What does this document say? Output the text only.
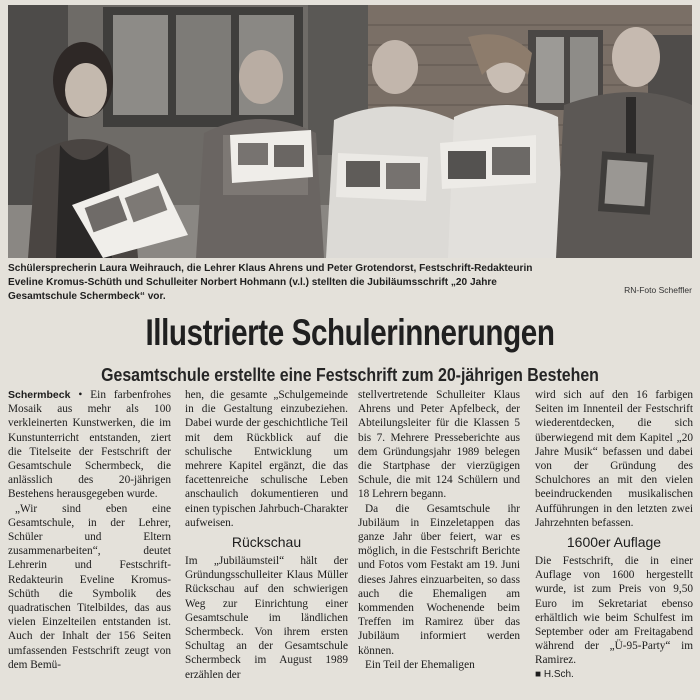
Schülersprecherin Laura Weihrauch, die Lehrer Klaus Ahrens und Peter Grotendorst, Festschrift-Redakteurin Eveline Kromus-Schüth und Schulleiter Norbert Hohmann (v.l.) stellten die Jubiläumsschrift „20 Jahre Gesamtschule Schermbeck“ vor.
RN-Foto Scheffler
Illustrierte Schulerinnerungen
Gesamtschule erstellte eine Festschrift zum 20-jährigen Bestehen

Schermbeck • Ein farbenfrohes Mosaik aus mehr als 100 verkleinerten Kunstwerken, die im Kunstunterricht entstanden, ziert die Titelseite der Festschrift der Gesamtschule Schermbeck, die anlässlich des 20-jährigen Bestehens herausgegeben wurde.

„Wir sind eben eine Gesamtschule, in der Lehrer, Schüler und Eltern zusammenarbeiten“, deutet Lehrerin und Festschrift-Redakteurin Eveline Kromus-Schüth die Symbolik des quadratischen Titelbildes, das aus vielen Einzelteilen entstanden ist. Auch der Inhalt der 156 Seiten umfassenden Festschrift zeugt von dem Bemü-

hen, die gesamte „Schulgemeinde in die Gestaltung einzubeziehen. Dabei wurde der geschichtliche Teil mit dem Rückblick auf die schulische Entwicklung um mehrere Kapitel ergänzt, die das facettenreiche schulische Leben anschaulich dokumentieren und einen typischen Jahrbuch-Charakter aufweisen.

Rückschau

Im „Jubiläumsteil“ hält der Gründungsschulleiter Klaus Müller Rückschau auf den schwierigen Weg zur Einrichtung einer Gesamtschule im ländlichen Schermbeck. Von ihrem ersten Schultag an der Gesamtschule Schermbeck im August 1989 erzählen der

stellvertretende Schulleiter Klaus Ahrens und Peter Apfelbeck, der Abteilungsleiter für die Klassen 5 bis 7. Mehrere Presseberichte aus dem Gründungsjahr 1989 belegen die Startphase der vierzügigen Schule, die mit 124 Schülern und 18 Lehrern begann.

Da die Gesamtschule ihr Jubiläum in Einzeletappen das ganze Jahr über feiert, war es möglich, in die Festschrift Berichte und Fotos vom Festakt am 19. Juni dieses Jahres einzuarbeiten, so dass auch die Ehemaligen am kommenden Wochenende beim Treffen im Ramirez über das Jubiläum informiert werden können.

Ein Teil der Ehemaligen

wird sich auf den 16 farbigen Seiten im Innenteil der Festschrift wiederentdecken, die sich überwiegend mit dem Kapitel „20 Jahre Musik“ befassen und dabei von der Gründung des Schulchores an mit den vielen beeindruckenden musikalischen Aufführungen in den letzten zwei Jahrzehnten befassen.

1600er Auflage

Die Festschrift, die in einer Auflage von 1600 hergestellt wurde, ist zum Preis von 9,50 Euro im Sekretariat ebenso erhältlich wie beim Schulfest im September oder am Freitagabend während der „Ü-95-Party“ im Ramirez.

■ H.Sch.
